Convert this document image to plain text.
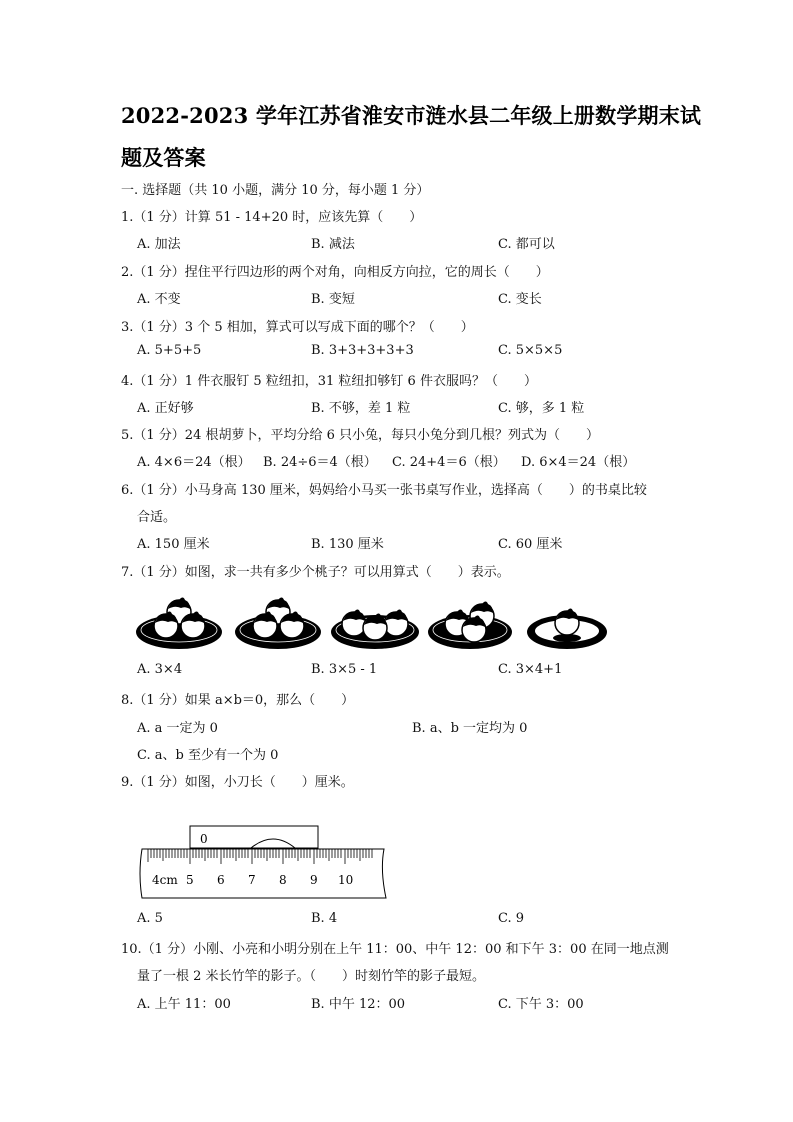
2022-2023 学年江苏省淮安市涟水县二年级上册数学期末试
题及答案
一. 选择题（共 10 小题，满分 10 分，每小题 1 分）
1.（1 分）计算 51 - 14+20 时，应该先算（　　）
A. 加法	B. 减法	C. 都可以
2.（1 分）捏住平行四边形的两个对角，向相反方向拉，它的周长（　　）
A. 不变	B. 变短	C. 变长
3.（1 分）3 个 5 相加，算式可以写成下面的哪个？（　　）
A. 5+5+5	B. 3+3+3+3+3	C. 5×5×5
4.（1 分）1 件衣服钉 5 粒纽扣，31 粒纽扣够钉 6 件衣服吗？（　　）
A. 正好够	B. 不够，差 1 粒	C. 够，多 1 粒
5.（1 分）24 根胡萝卜，平均分给 6 只小兔，每只小兔分到几根？列式为（　　）
A. 4×6＝24（根） B. 24÷6＝4（根） C. 24+4＝6（根） D. 6×4＝24（根）
6.（1 分）小马身高 130 厘米，妈妈给小马买一张书桌写作业，选择高（　　）的书桌比较
合适。
A. 150 厘米	B. 130 厘米	C. 60 厘米
7.（1 分）如图，求一共有多少个桃子？可以用算式（　　）表示。
A. 3×4	B. 3×5 - 1	C. 3×4+1
8.（1 分）如果 a×b＝0，那么（　　）
A. a 一定为 0	B. a、b 一定均为 0
C. a、b 至少有一个为 0
9.（1 分）如图，小刀长（　　）厘米。
0
4cm 5 6 7 8 9 10
A. 5	B. 4	C. 9
10.（1 分）小刚、小亮和小明分别在上午 11：00、中午 12：00 和下午 3：00 在同一地点测
量了一根 2 米长竹竿的影子。（　　）时刻竹竿的影子最短。
A. 上午 11：00	B. 中午 12：00	C. 下午 3：00
